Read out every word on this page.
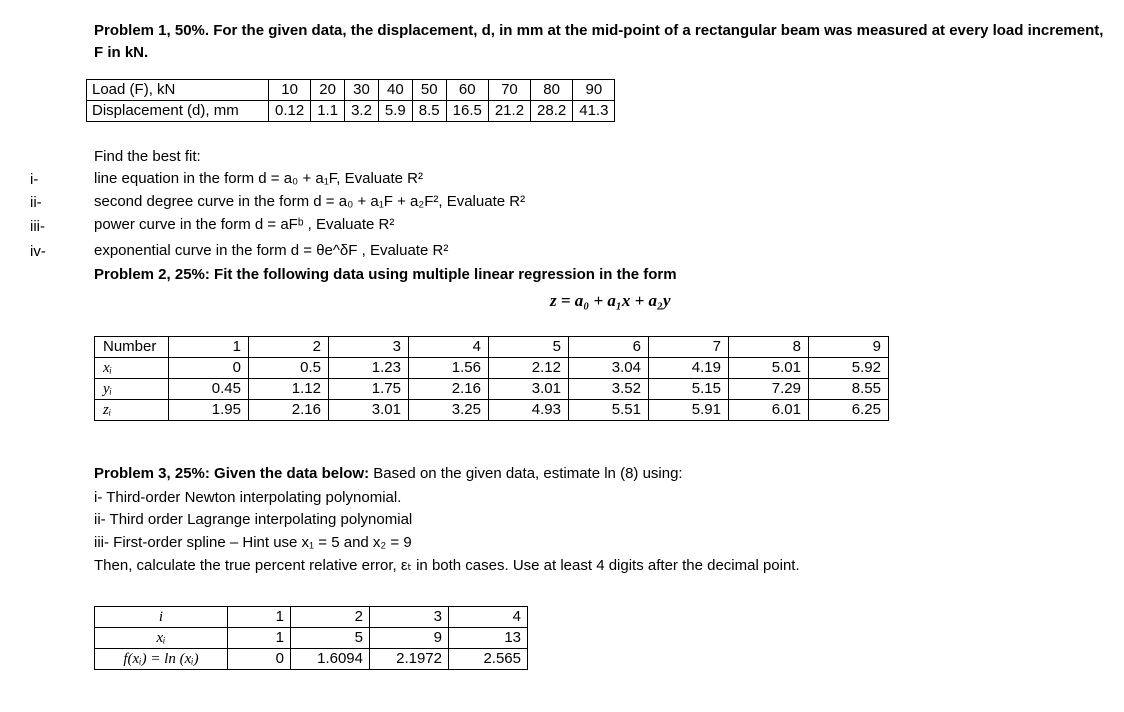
Problem 1, 50%. For the given data, the displacement, d, in mm at the mid-point of a rectangular beam was measured at every load increment, F in kN.
Load (F), kN	10	20	30	40	50	60	70	80	90
Displacement (d), mm	0.12	1.1	3.2	5.9	8.5	16.5	21.2	28.2	41.3
Find the best fit:
i-	line equation in the form d = a₀ + a₁F, Evaluate R²
ii-	second degree curve in the form d = a₀ + a₁F + a₂F², Evaluate R²
iii-	power curve in the form d = aFᵇ , Evaluate R²
iv-	exponential curve in the form d = θe^δF , Evaluate R²
Problem 2, 25%: Fit the following data using multiple linear regression in the form
z = a₀ + a₁x + a₂y
Number	1	2	3	4	5	6	7	8	9
xᵢ	0	0.5	1.23	1.56	2.12	3.04	4.19	5.01	5.92
yᵢ	0.45	1.12	1.75	2.16	3.01	3.52	5.15	7.29	8.55
zᵢ	1.95	2.16	3.01	3.25	4.93	5.51	5.91	6.01	6.25
Problem 3, 25%: Given the data below: Based on the given data, estimate ln (8) using:
i- Third-order Newton interpolating polynomial.
ii- Third order Lagrange interpolating polynomial
iii- First-order spline – Hint use x₁ = 5 and x₂ = 9
Then, calculate the true percent relative error, εₜ in both cases. Use at least 4 digits after the decimal point.
i	1	2	3	4
xᵢ	1	5	9	13
f(xᵢ) = ln (xᵢ)	0	1.6094	2.1972	2.565
